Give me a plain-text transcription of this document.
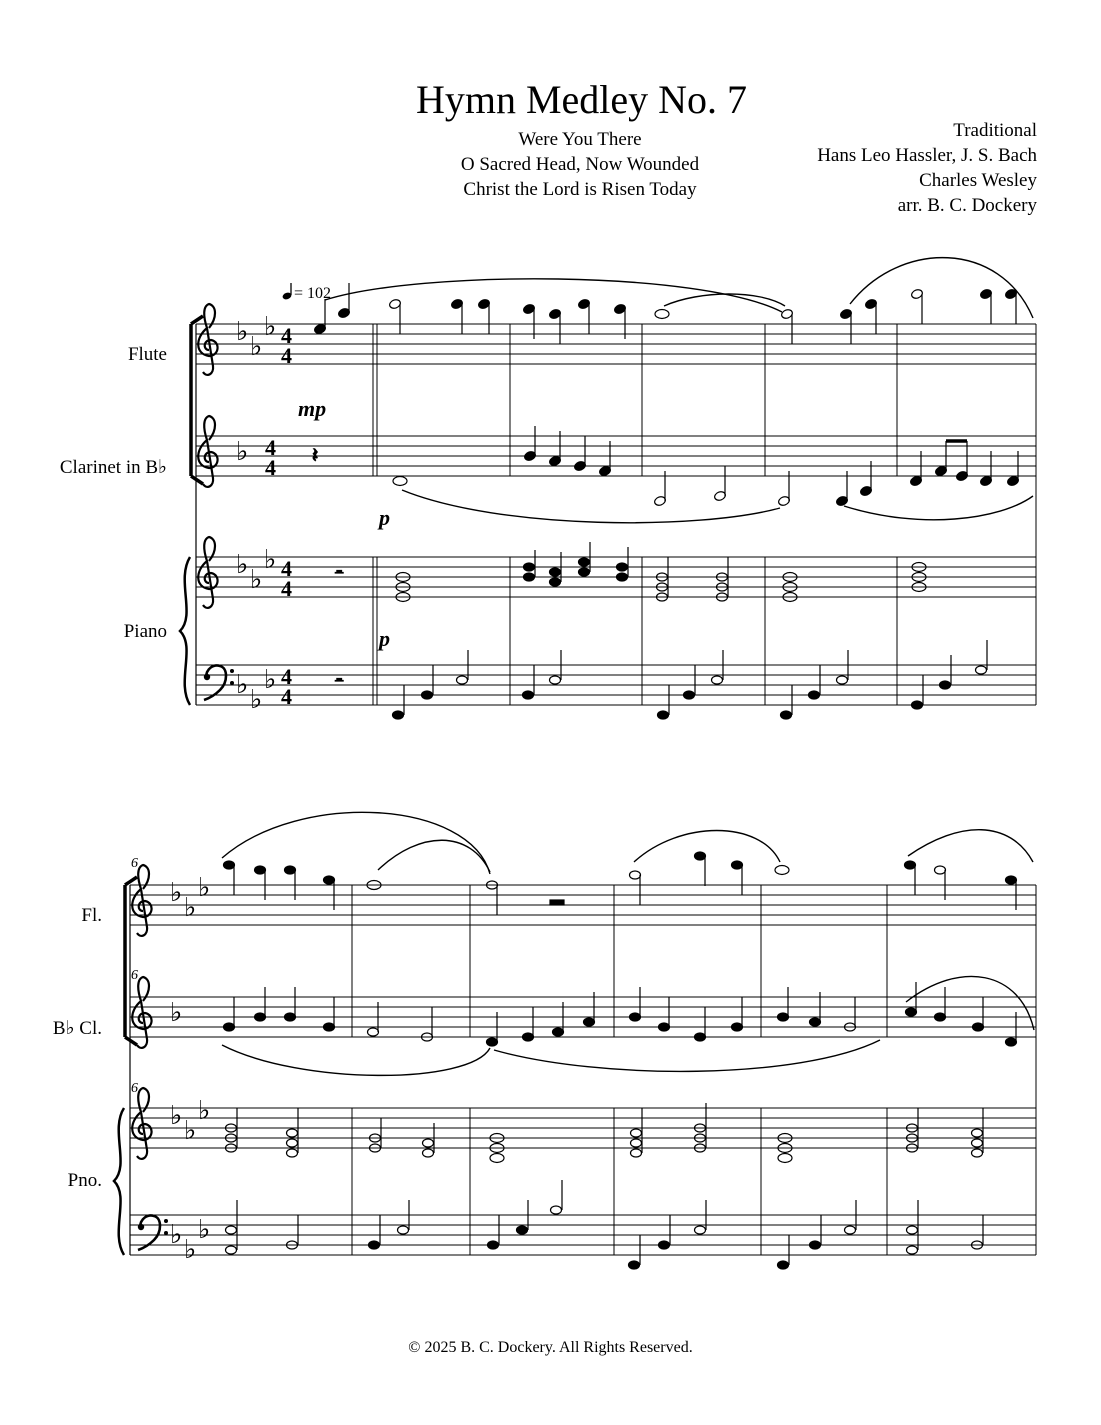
Hymn Medley No. 7
Were You There
O Sacred Head, Now Wounded
Christ the Lord is Risen Today
Traditional
Hans Leo Hassler, J. S. Bach
Charles Wesley
arr. B. C. Dockery
Flute
Clarinet in B♭
Piano
Fl.
B♭ Cl.
Pno.
= 102
6
6
6
mp
p
p
♭
♭
♭
♭
♭
♭
♭
♭
♭
♭
4
4
4
4
4
4
4
4
𝄽
𝄼
𝄼
♭
♭
♭
♭
♭
♭
♭
♭
♭
♭
© 2025 B. C. Dockery. All Rights Reserved.
